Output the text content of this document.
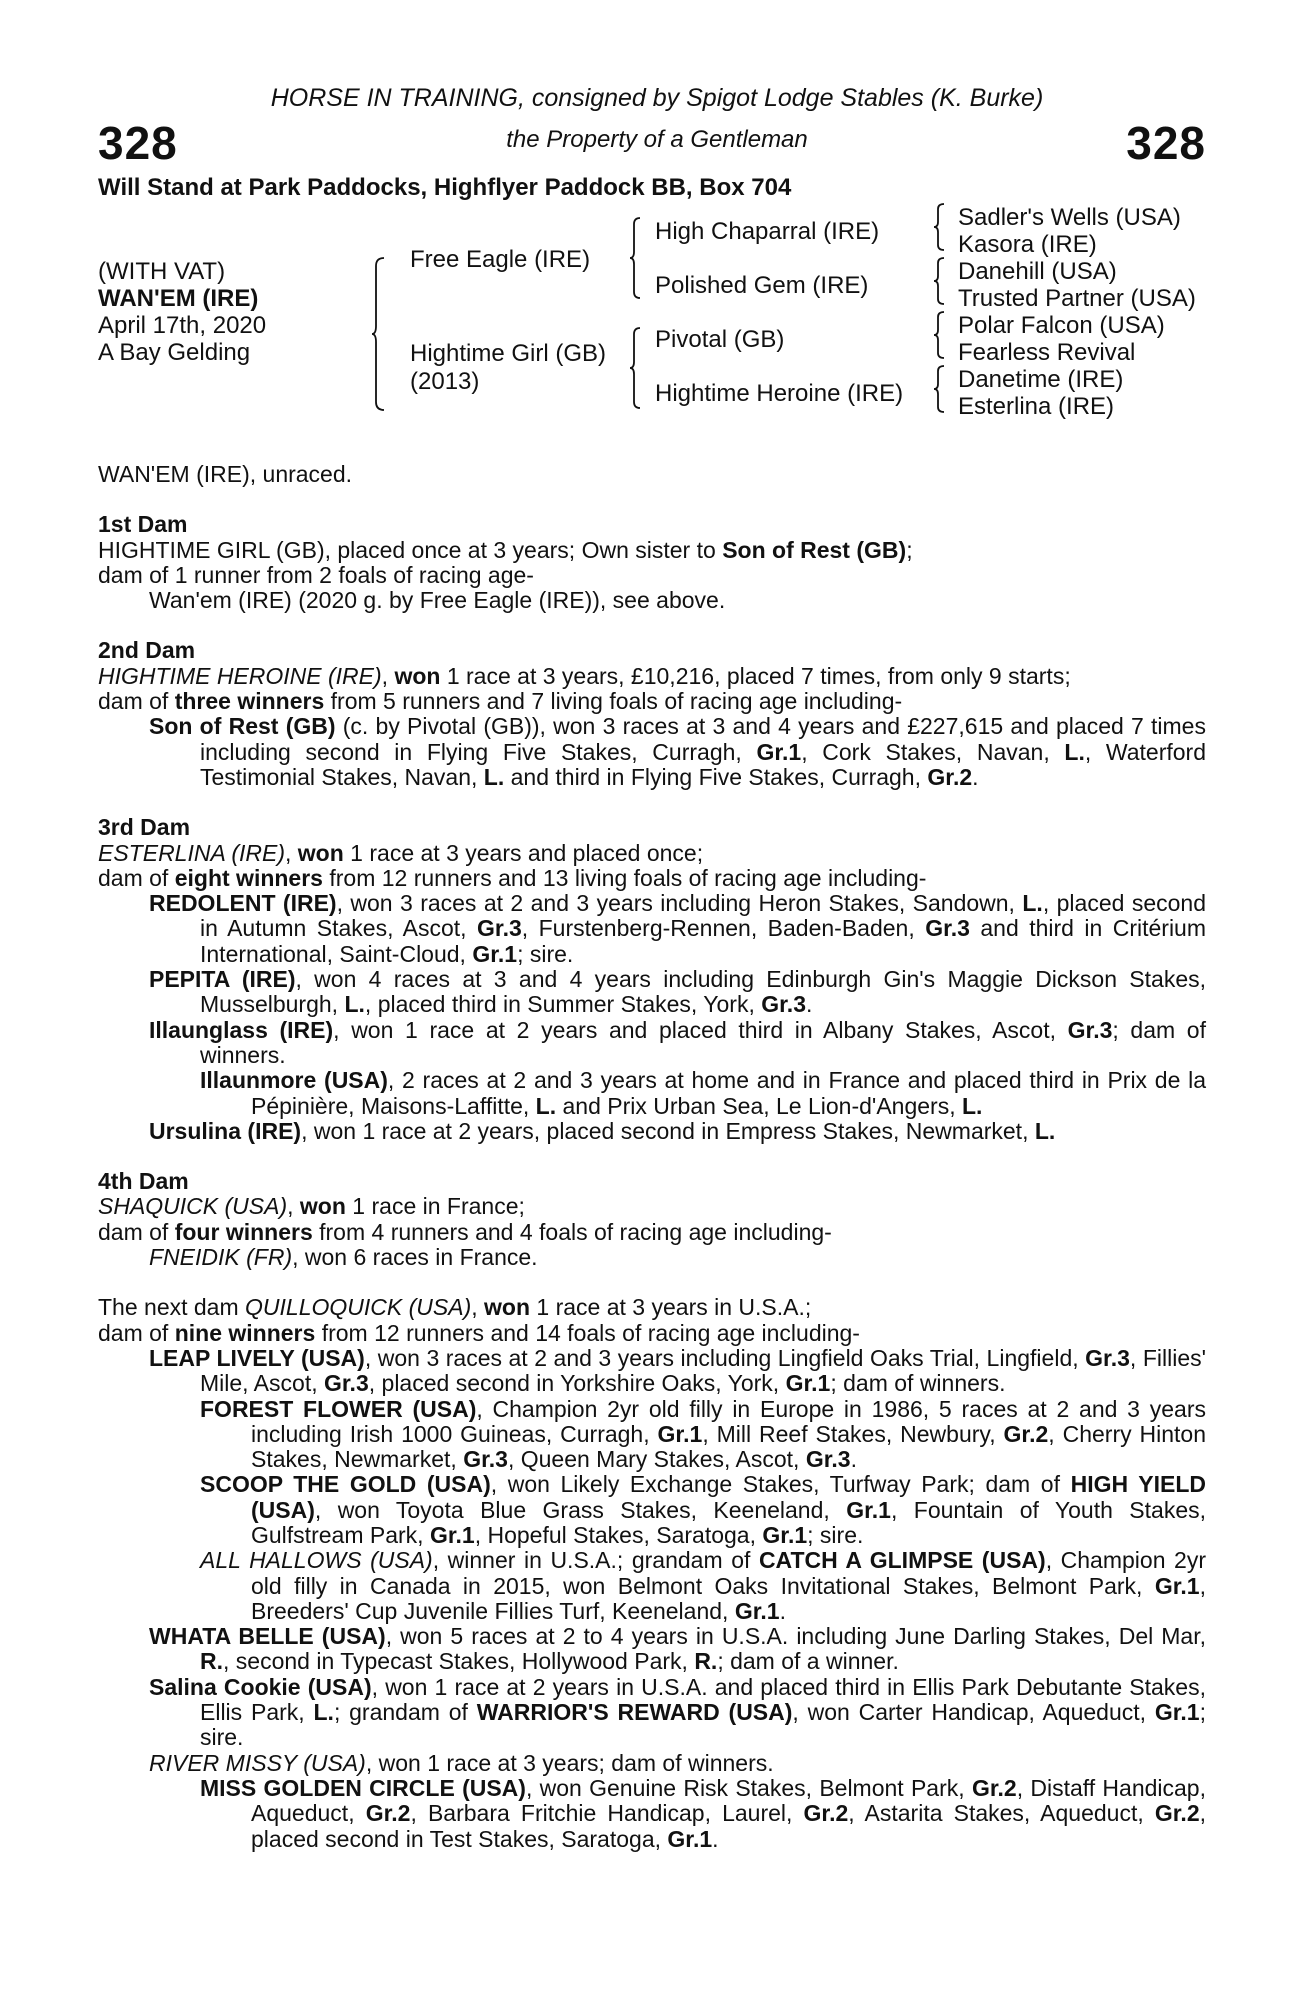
328	328
HORSE IN TRAINING, consigned by Spigot Lodge Stables (K. Burke)
the Property of a Gentleman
Will Stand at Park Paddocks, Highflyer Paddock BB, Box 704
(WITH VAT)
WAN'EM (IRE)
April 17th, 2020
A Bay Gelding
Free Eagle (IRE)
Hightime Girl (GB)
(2013)
High Chaparral (IRE)
Polished Gem (IRE)
Pivotal (GB)
Hightime Heroine (IRE)
Sadler's Wells (USA)
Kasora (IRE)
Danehill (USA)
Trusted Partner (USA)
Polar Falcon (USA)
Fearless Revival
Danetime (IRE)
Esterlina (IRE)

WAN'EM (IRE), unraced.

1st Dam

HIGHTIME GIRL (GB), placed once at 3 years; Own sister to Son of Rest (GB);

dam of 1 runner from 2 foals of racing age-

Wan'em (IRE) (2020 g. by Free Eagle (IRE)), see above.

2nd Dam

HIGHTIME HEROINE (IRE), won 1 race at 3 years, £10,216, placed 7 times, from only 9 starts;

dam of three winners from 5 runners and 7 living foals of racing age including-

Son of Rest (GB) (c. by Pivotal (GB)), won 3 races at 3 and 4 years and £227,615 and placed 7 times including second in Flying Five Stakes, Curragh, Gr.1, Cork Stakes, Navan, L., Waterford Testimonial Stakes, Navan, L. and third in Flying Five Stakes, Curragh, Gr.2.

3rd Dam

ESTERLINA (IRE), won 1 race at 3 years and placed once;

dam of eight winners from 12 runners and 13 living foals of racing age including-

REDOLENT (IRE), won 3 races at 2 and 3 years including Heron Stakes, Sandown, L., placed second in Autumn Stakes, Ascot, Gr.3, Furstenberg-Rennen, Baden-Baden, Gr.3 and third in Critérium International, Saint-Cloud, Gr.1; sire.

PEPITA (IRE), won 4 races at 3 and 4 years including Edinburgh Gin's Maggie Dickson Stakes, Musselburgh, L., placed third in Summer Stakes, York, Gr.3.

Illaunglass (IRE), won 1 race at 2 years and placed third in Albany Stakes, Ascot, Gr.3; dam of winners.

Illaunmore (USA), 2 races at 2 and 3 years at home and in France and placed third in Prix de la Pépinière, Maisons-Laffitte, L. and Prix Urban Sea, Le Lion-d'Angers, L.

Ursulina (IRE), won 1 race at 2 years, placed second in Empress Stakes, Newmarket, L.

4th Dam

SHAQUICK (USA), won 1 race in France;

dam of four winners from 4 runners and 4 foals of racing age including-

FNEIDIK (FR), won 6 races in France.

The next dam QUILLOQUICK (USA), won 1 race at 3 years in U.S.A.;

dam of nine winners from 12 runners and 14 foals of racing age including-

LEAP LIVELY (USA), won 3 races at 2 and 3 years including Lingfield Oaks Trial, Lingfield, Gr.3, Fillies' Mile, Ascot, Gr.3, placed second in Yorkshire Oaks, York, Gr.1; dam of winners.

FOREST FLOWER (USA), Champion 2yr old filly in Europe in 1986, 5 races at 2 and 3 years including Irish 1000 Guineas, Curragh, Gr.1, Mill Reef Stakes, Newbury, Gr.2, Cherry Hinton Stakes, Newmarket, Gr.3, Queen Mary Stakes, Ascot, Gr.3.

SCOOP THE GOLD (USA), won Likely Exchange Stakes, Turfway Park; dam of HIGH YIELD (USA), won Toyota Blue Grass Stakes, Keeneland, Gr.1, Fountain of Youth Stakes, Gulfstream Park, Gr.1, Hopeful Stakes, Saratoga, Gr.1; sire.

ALL HALLOWS (USA), winner in U.S.A.; grandam of CATCH A GLIMPSE (USA), Champion 2yr old filly in Canada in 2015, won Belmont Oaks Invitational Stakes, Belmont Park, Gr.1, Breeders' Cup Juvenile Fillies Turf, Keeneland, Gr.1.

WHATA BELLE (USA), won 5 races at 2 to 4 years in U.S.A. including June Darling Stakes, Del Mar, R., second in Typecast Stakes, Hollywood Park, R.; dam of a winner.

Salina Cookie (USA), won 1 race at 2 years in U.S.A. and placed third in Ellis Park Debutante Stakes, Ellis Park, L.; grandam of WARRIOR'S REWARD (USA), won Carter Handicap, Aqueduct, Gr.1; sire.

RIVER MISSY (USA), won 1 race at 3 years; dam of winners.

MISS GOLDEN CIRCLE (USA), won Genuine Risk Stakes, Belmont Park, Gr.2, Distaff Handicap, Aqueduct, Gr.2, Barbara Fritchie Handicap, Laurel, Gr.2, Astarita Stakes, Aqueduct, Gr.2, placed second in Test Stakes, Saratoga, Gr.1.
